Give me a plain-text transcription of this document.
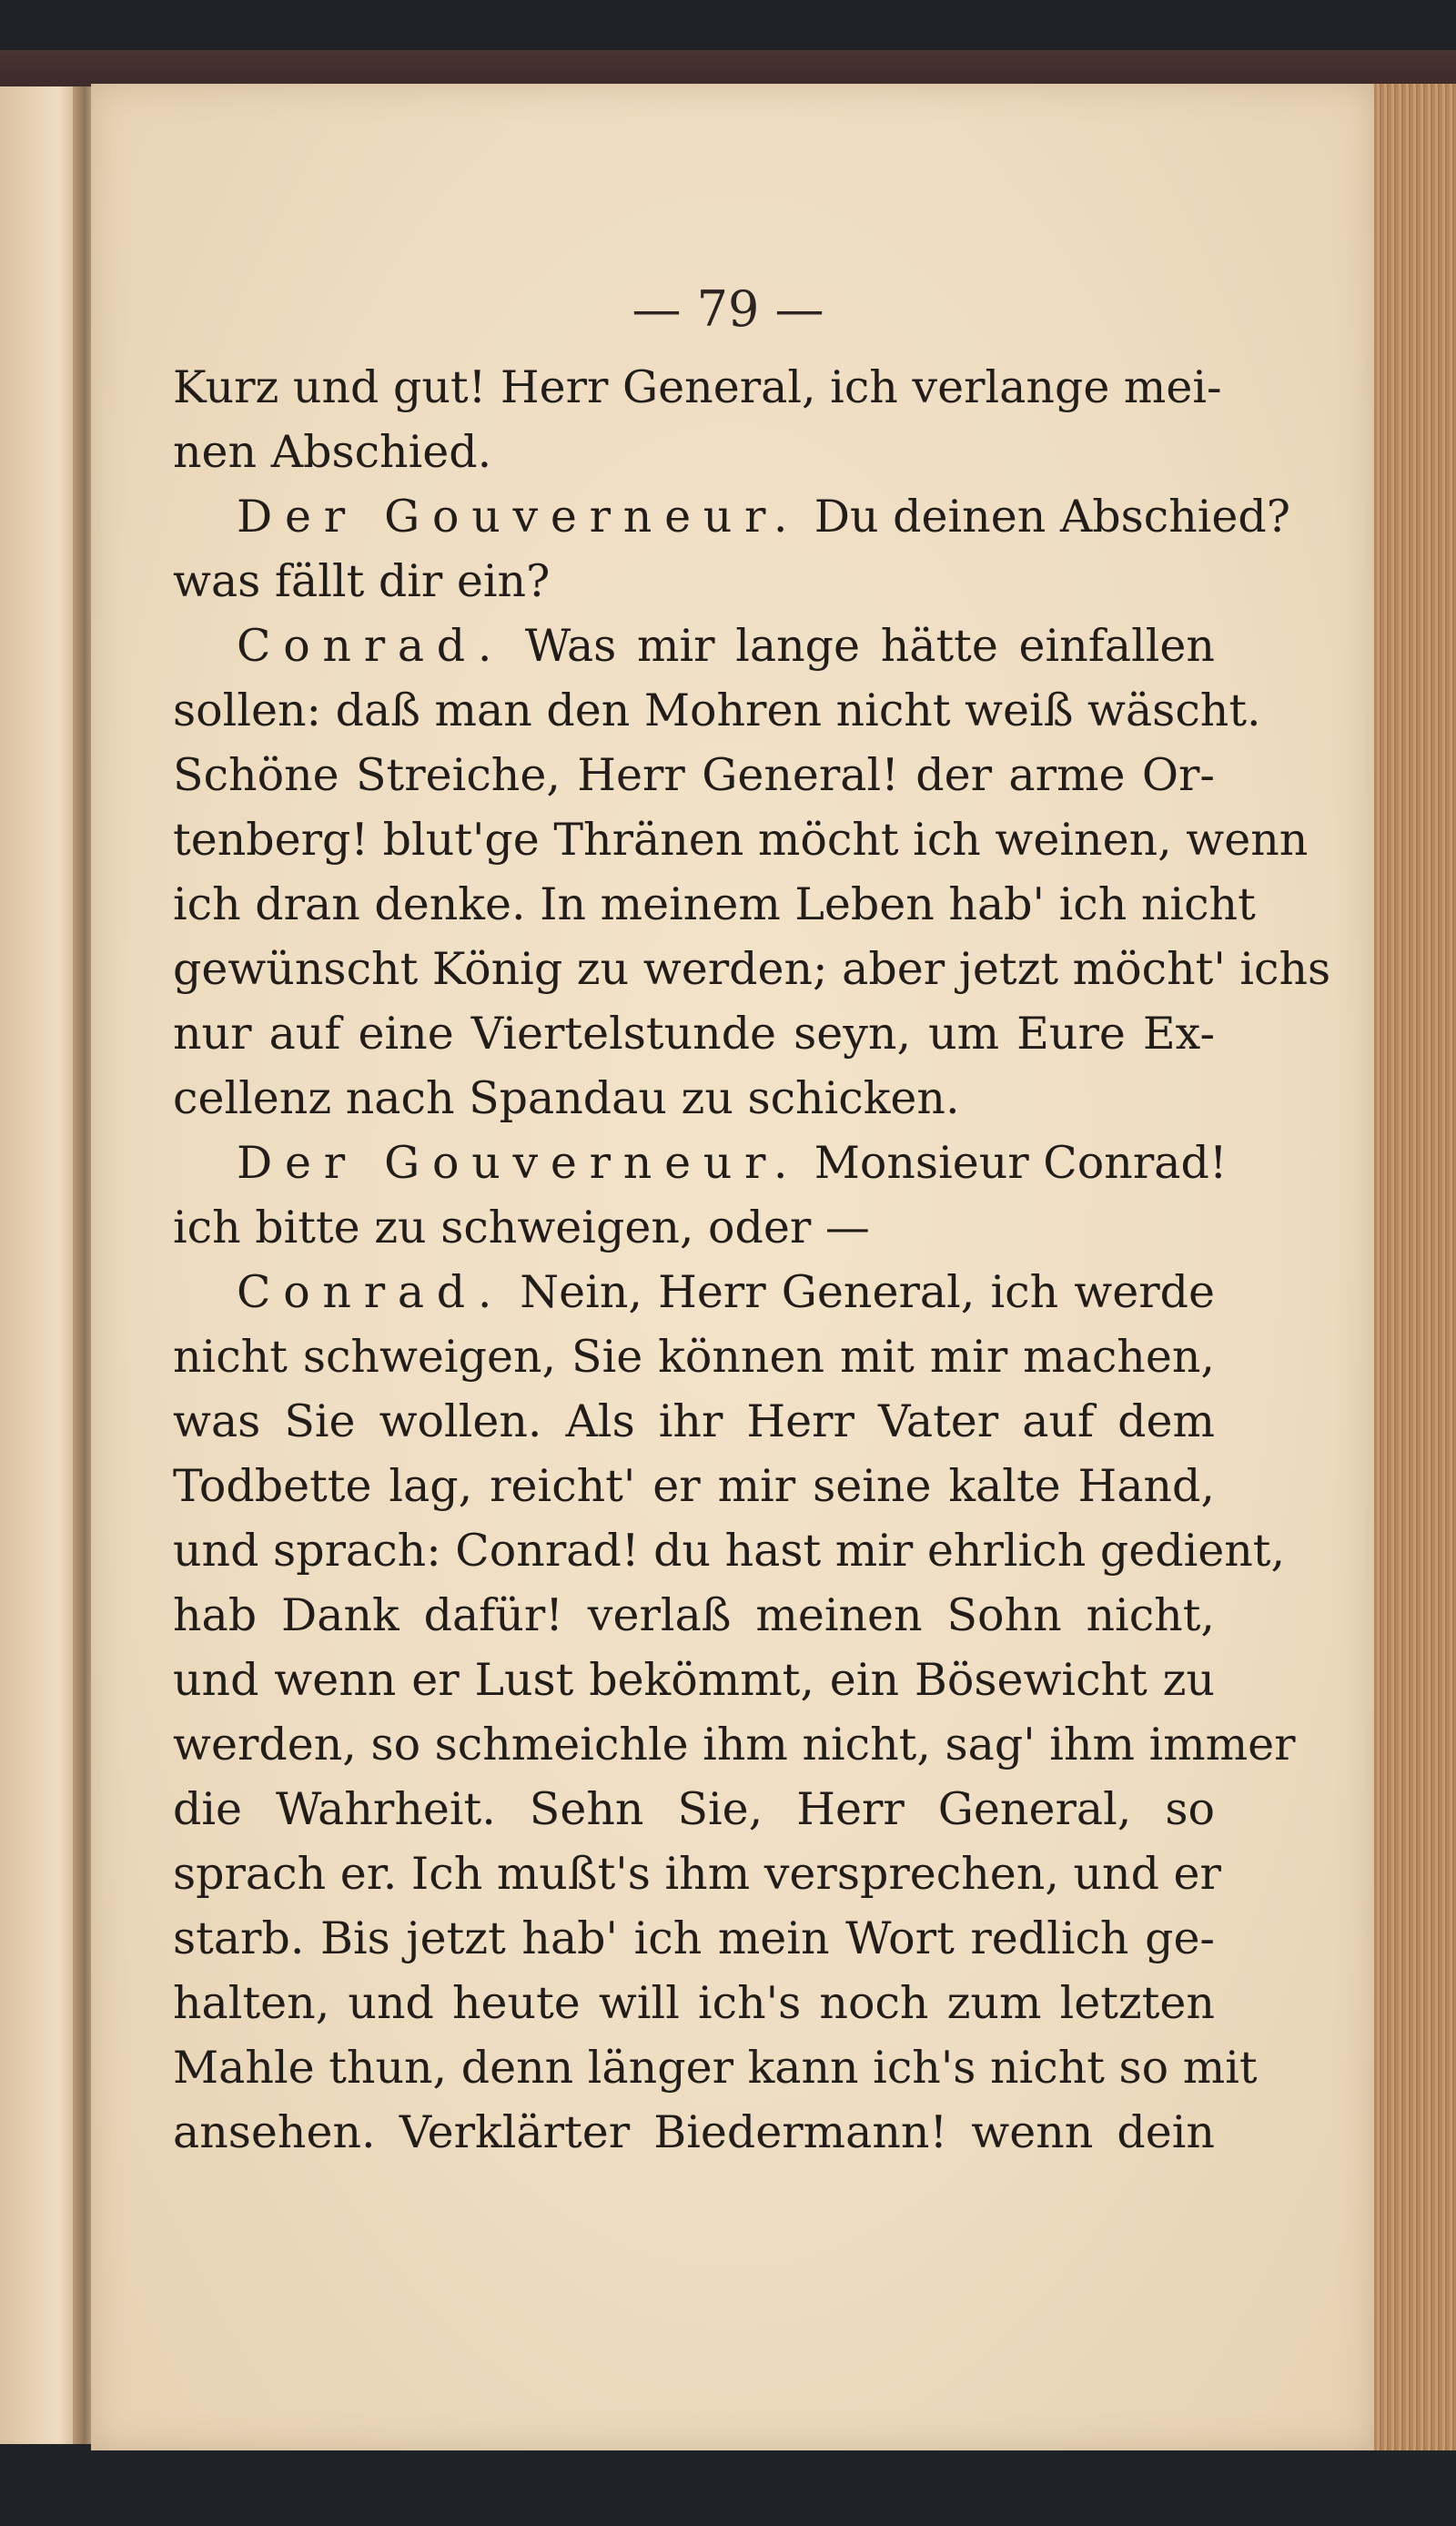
— 79 —
Kurz und gut! Herr General, ich verlange mei-
nen Abschied.
Der Gouverneur. Du deinen Abschied?
was fällt dir ein?
Conrad. Was mir lange hätte einfallen
sollen: daß man den Mohren nicht weiß wäscht.
Schöne Streiche, Herr General! der arme Or-
tenberg! blut'ge Thränen möcht ich weinen, wenn
ich dran denke. In meinem Leben hab' ich nicht
gewünscht König zu werden; aber jetzt möcht' ichs
nur auf eine Viertelstunde seyn, um Eure Ex-
cellenz nach Spandau zu schicken.
Der Gouverneur. Monsieur Conrad!
ich bitte zu schweigen, oder —
Conrad. Nein, Herr General, ich werde
nicht schweigen, Sie können mit mir machen,
was Sie wollen. Als ihr Herr Vater auf dem
Todbette lag, reicht' er mir seine kalte Hand,
und sprach: Conrad! du hast mir ehrlich gedient,
hab Dank dafür! verlaß meinen Sohn nicht,
und wenn er Lust bekömmt, ein Bösewicht zu
werden, so schmeichle ihm nicht, sag' ihm immer
die Wahrheit. Sehn Sie, Herr General, so
sprach er. Ich mußt's ihm versprechen, und er
starb. Bis jetzt hab' ich mein Wort redlich ge-
halten, und heute will ich's noch zum letzten
Mahle thun, denn länger kann ich's nicht so mit
ansehen. Verklärter Biedermann! wenn dein
